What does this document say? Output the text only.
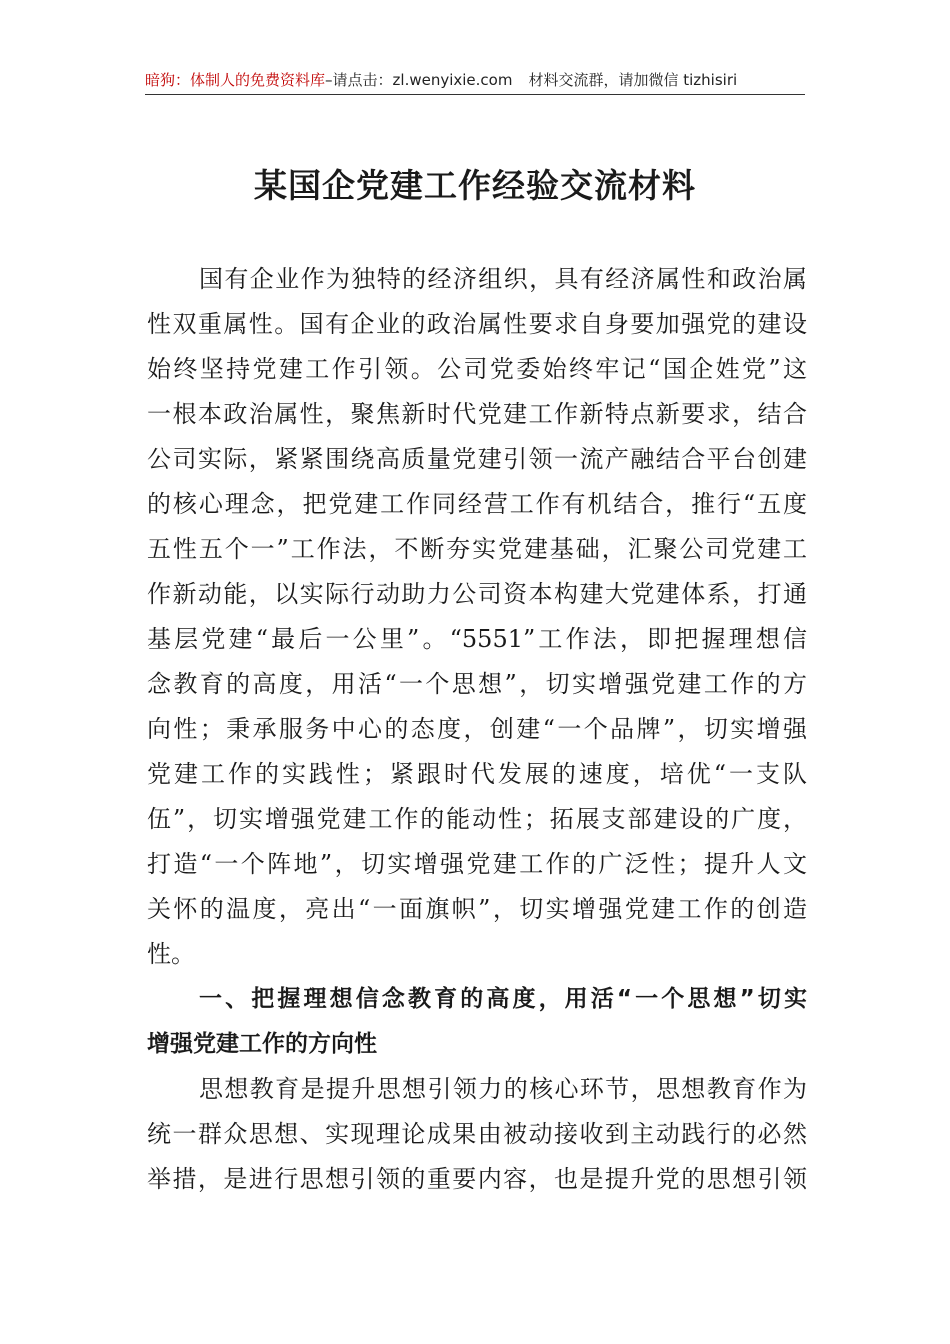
暗狗：体制人的免费资料库–请点击：zl.wenyixie.com 材料交流群，请加微信 tizhisiri
某国企党建工作经验交流材料
国有企业作为独特的经济组织，具有经济属性和政治属
性双重属性。国有企业的政治属性要求自身要加强党的建设
始终坚持党建工作引领。公司党委始终牢记“国企姓党”这
一根本政治属性，聚焦新时代党建工作新特点新要求，结合
公司实际，紧紧围绕高质量党建引领一流产融结合平台创建
的核心理念，把党建工作同经营工作有机结合，推行“五度
五性五个一”工作法，不断夯实党建基础，汇聚公司党建工
作新动能，以实际行动助力公司资本构建大党建体系，打通
基层党建“最后一公里”。“5551”工作法，即把握理想信
念教育的高度，用活“一个思想”，切实增强党建工作的方
向性；秉承服务中心的态度，创建“一个品牌”，切实增强
党建工作的实践性；紧跟时代发展的速度，培优“一支队
伍”，切实增强党建工作的能动性；拓展支部建设的广度，
打造“一个阵地”，切实增强党建工作的广泛性；提升人文
关怀的温度，亮出“一面旗帜”，切实增强党建工作的创造
性。
一、把握理想信念教育的高度，用活“一个思想”切实
增强党建工作的方向性
思想教育是提升思想引领力的核心环节，思想教育作为
统一群众思想、实现理论成果由被动接收到主动践行的必然
举措，是进行思想引领的重要内容，也是提升党的思想引领
